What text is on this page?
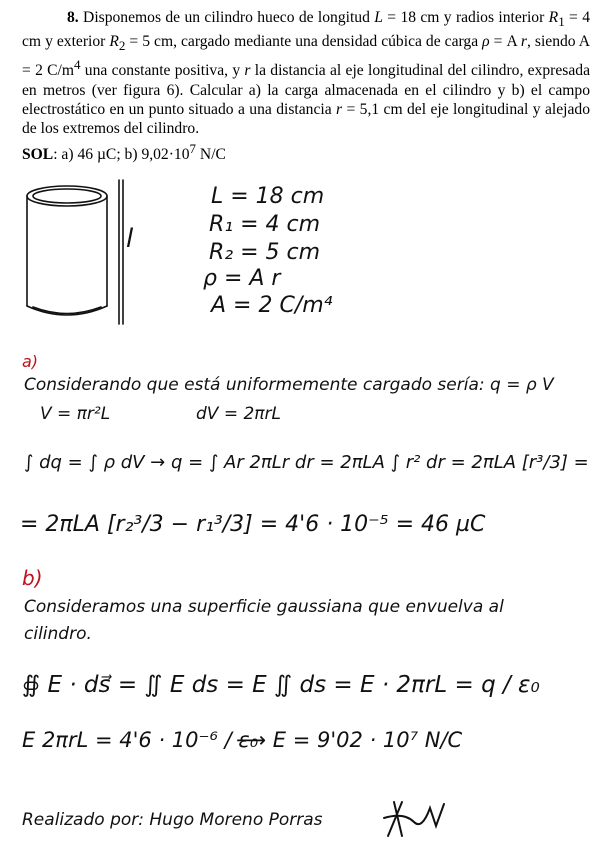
8. Disponemos de un cilindro hueco de longitud L = 18 cm y radios interior $R_1 = 4$ cm y exterior $R_2 = 5$ cm, cargado mediante una densidad cúbica de carga ρ = A r, siendo A = 2 $C/m^4$ una constante positiva, y r la distancia al eje longitudinal del cilindro, expresada en metros (ver figura 6). Calcular a) la carga almacenada en el cilindro y b) el campo electrostático en un punto situado a una distancia r = 5,1 cm del eje longitudinal y alejado de los extremos del cilindro.
SOL: a) 46 µC; b) $9,02\cdot 10^7$ N/C
l
L = 18 cm
R₁ = 4 cm
R₂ = 5 cm
ρ = A r
A = 2 C/m⁴
a)
Considerando que está uniformemente cargado sería: q = ρ V
V = πr²L	dV = 2πrL
∫ dq = ∫ ρ dV → q = ∫ Ar 2πLr dr = 2πLA ∫ r² dr = 2πLA [r³/3] =
= 2πLA [r₂³/3 − r₁³/3] = 4'6 · 10⁻⁵ = 46 µC
b)
Consideramos una superficie gaussiana que envuelva al
cilindro.
∯ E · ds⃗ = ∬ E ds = E ∬ ds = E · 2πrL = q / ε₀
E 2πrL = 4'6 · 10⁻⁶ / ε₀
⟶ E = 9'02 · 10⁷ N/C
Realizado por: Hugo Moreno Porras
